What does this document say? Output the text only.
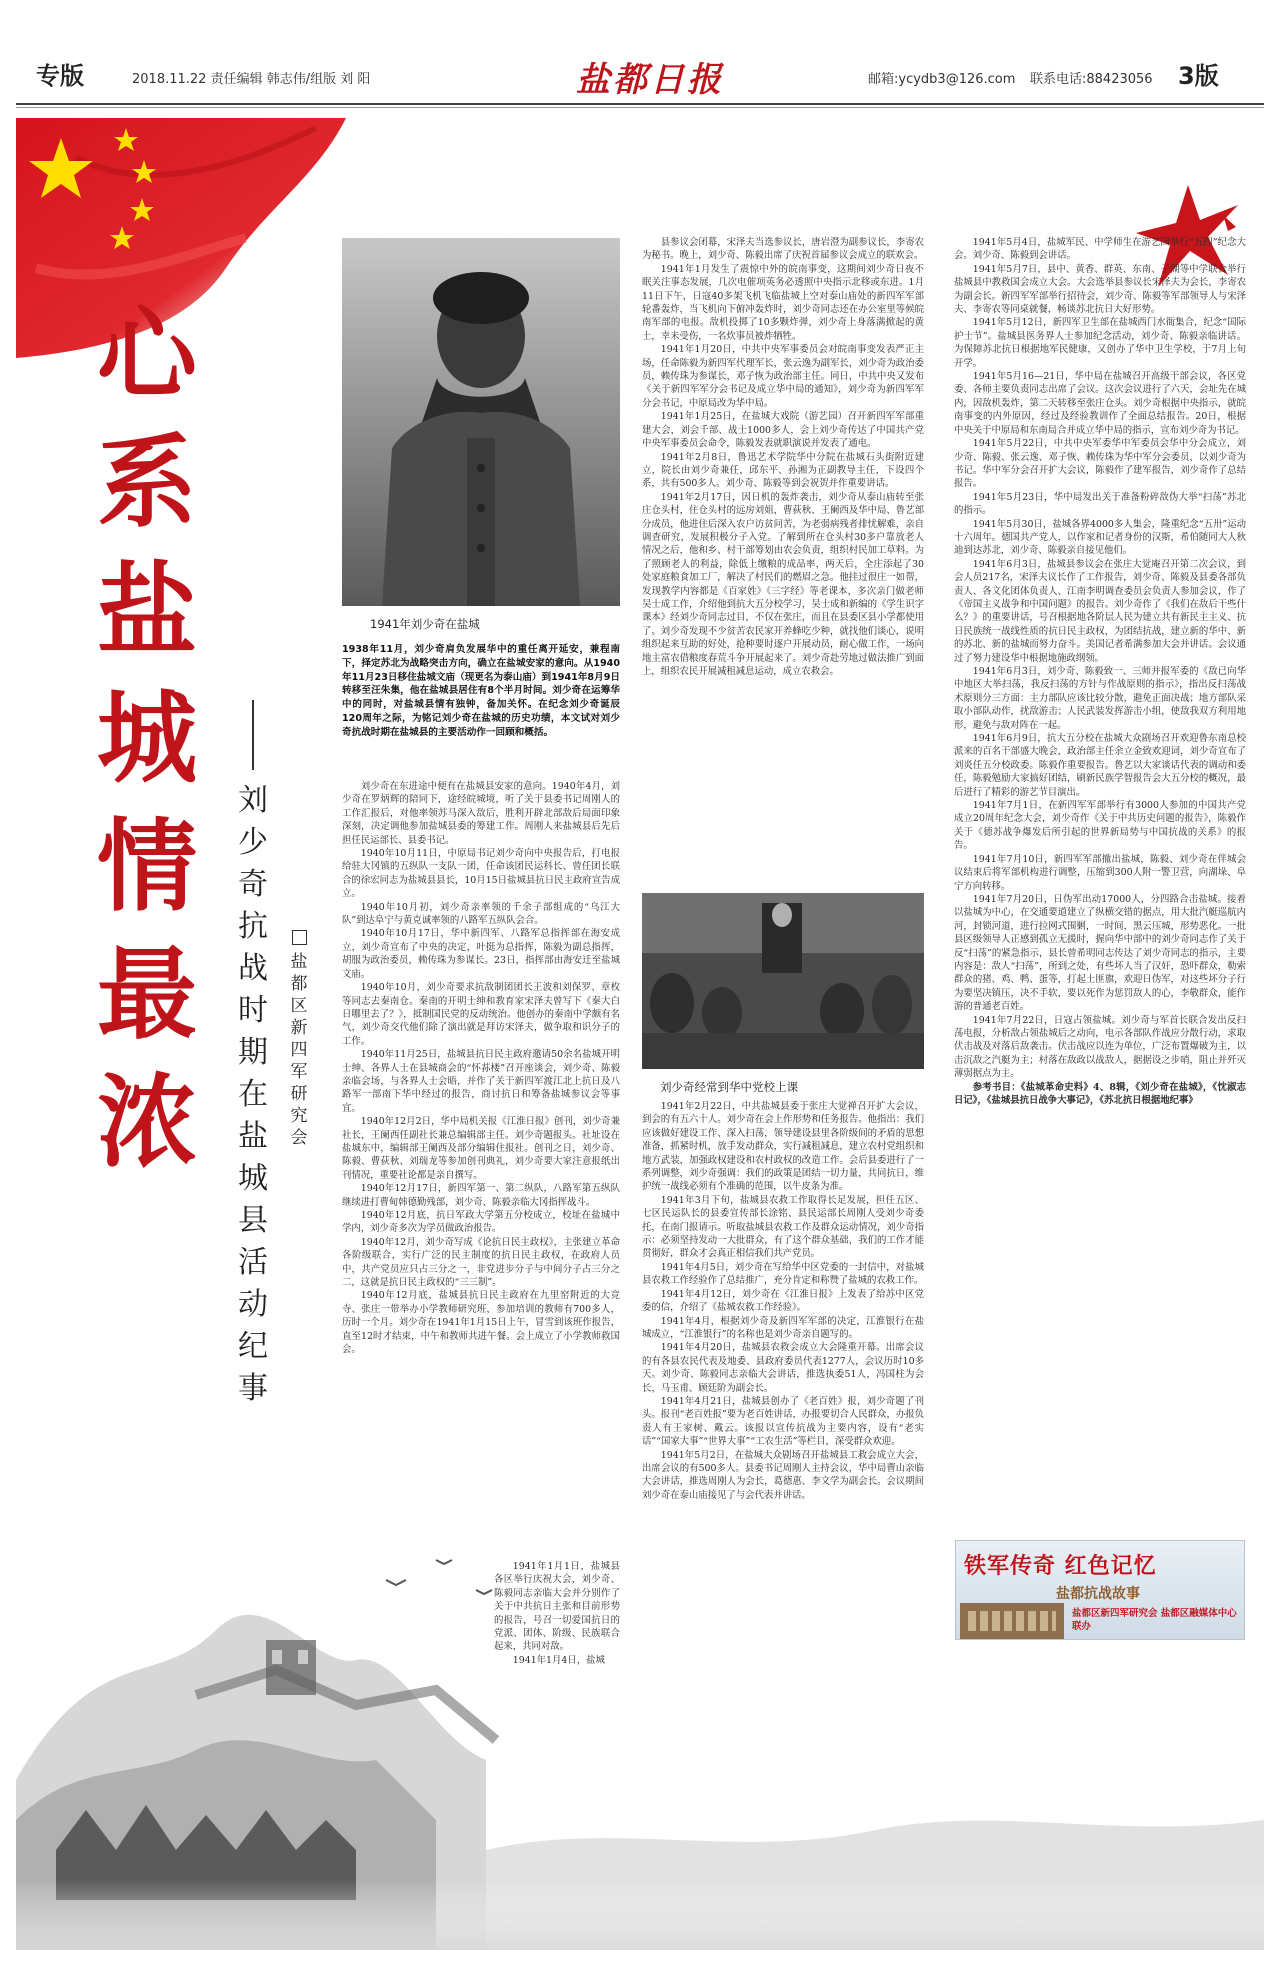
专版	2018.11.22 责任编辑 韩志伟/组版 刘 阳	盐都日报	邮箱:ycydb3@126.com 联系电话:88423056 3版
心系盐城情最浓
刘少奇抗战时期在盐城县活动纪事
盐都区新四军研究会
1941年刘少奇在盐城
刘少奇经常到华中党校上课
1938年11月，刘少奇肩负发展华中的重任离开延安，兼程南下，择定苏北为战略突击方向，确立在盐城安家的意向。从1940年11月23日移住盐城文庙（现更名为泰山庙）到1941年8月9日转移至汪朱集，他在盐城县居住有8个半月时间。刘少奇在运筹华中的同时，对盐城县情有独钟，备加关怀。在纪念刘少奇诞辰120周年之际，为铭记刘少奇在盐城的历史功绩，本文试对刘少奇抗战时期在盐城县的主要活动作一回顾和概括。

刘少奇在东进途中便有在盐城县安家的意向。1940年4月，刘少奇在罗炳辉的陪同下，途经皖城境，听了关于县委书记周刚人的工作汇报后，对他率领苏马深入敌后，胜利开辟北部敌后局面印象深刻，决定调他参加盐城县委的筹建工作。周刚人来盐城县后先后担任民运部长、县委书记。

1940年10月11日，中原局书记刘少奇向中央报告后，打电报给驻大冈镇的五纵队一支队一团，任命该团民运科长、曾任团长联合的徐宏同志为盐城县县长，10月15日盐城县抗日民主政府宣告成立。

1940年10月初，刘少奇亲率领的千余子部组成的“乌江大队”到达阜宁与黄克诚率领的八路军五纵队会合。

1940年10月17日，华中新四军、八路军总指挥部在海安成立，刘少奇宣布了中央的决定，叶挺为总指挥，陈毅为副总指挥，胡服为政治委员，赖传珠为参谋长。23日，指挥部由海安迁至盐城文庙。

1940年10月，刘少奇要求抗敌制团团长王波和刘保罗、章枚等同志去秦南仓。秦南的开明士绅和教育家宋泽夫曾写下《秦大白日哪里去了？》，抵制国民党的反动统治。他创办的秦南中学颇有名气，刘少奇交代他们除了演出就是拜访宋泽夫，做争取和识分子的工作。

1940年11月25日，盐城县抗日民主政府邀请50余名盐城开明士绅、各界人士在县城商会的“怀荪楼”召开座谈会，刘少奇、陈毅亲临会场，与各界人士会晤，并作了关于新四军渡江北上抗日及八路军一部南下华中经过的报告，商讨抗日和筹备盐城参议会等事宜。

1940年12月2日，华中局机关报《江淮日报》创刊，刘少奇兼社长，王阑西任副社长兼总编辑部主任。刘少奇题报头。社址设在盐城东中，编辑部王阑西及部分编辑住报社。创刊之日，刘少奇、陈毅、曹荻秋、刘瑞龙等参加创刊典礼，刘少奇要大家注意报纸出刊情况，重要社论都是亲自撰写。

1940年12月17日，新四军第一、第二纵队，八路军第五纵队继续进打曹甸韩德勤残部，刘少奇、陈毅亲临大冈指挥战斗。

1940年12月底，抗日军政大学第五分校成立，校址在盐城中学内，刘少奇多次为学员做政治报告。

1940年12月，刘少奇写成《论抗日民主政权》，主张建立革命各阶级联合，实行广泛的民主制度的抗日民主政权，在政府人员中，共产党员应只占三分之一，非党进步分子与中间分子占三分之二，这就是抗日民主政权的“三三制”。

1940年12月底，盐城县抗日民主政府在九里窑附近的大竞寺、张庄一带举办小学教师研究班，参加培训的教师有700多人，历时一个月。刘少奇在1941年1月15日上午，冒雪到该班作报告，直至12时才结束，中午和教师共进午餐。会上成立了小学教师救国会。

1941年1月1日，盐城县各区举行庆祝大会，刘少奇、陈毅同志亲临大会并分别作了关于中共抗日主张和目前形势的报告，号召一切爱国抗日的党派、团体、阶级、民族联合起来，共同对敌。

1941年1月4日，盐城

县参议会闭幕，宋泽夫当选参议长，唐岩澄为副参议长，李寄农为秘书。晚上，刘少奇、陈毅出席了庆祝首届参议会成立的联欢会。

1941年1月发生了震惊中外的皖南事变，这期间刘少奇日夜不眠关注事态发展，几次电催项英务必透照中央指示北移或东进。1月11日下午，日寇40多架飞机飞临盐城上空对泰山庙处的新四军军部轮番轰炸，当飞机向下俯冲轰炸时，刘少奇同志还在办公室里等候皖南军部的电报。敌机投掷了10多颗炸弹，刘少奇上身落满掀起的黄土，幸未受伤，一名炊事员被炸牺牲。

1941年1月20日，中共中央军事委员会对皖南事变发表严正主场，任命陈毅为新四军代理军长，张云逸为副军长，刘少奇为政治委员，赖传珠为参谋长，邓子恢为政治部主任。同日，中共中央又发布《关于新四军军分会书记及成立华中局的通知》，刘少奇为新四军军分会书记，中原局改为华中局。

1941年1月25日，在盐城大戏院（游艺园）召开新四军军部重建大会，刘会千部、战士1000多人，会上刘少奇传达了中国共产党中央军事委员会命令，陈毅发表就职演说并发表了通电。

1941年2月8日，鲁迅艺术学院华中分院在盐城石头街附近建立，院长由刘少奇兼任，邱东平、孙湘为正副教导主任，下设四个系，共有500多人。刘少奇、陈毅等到会祝贺并作重要讲话。

1941年2月17日，因日机的轰炸袭击，刘少奇从泰山庙转至张庄仓头村，住仓头村的远房刘姐，曹荻秋、王阑西及华中局、鲁艺部分成员，他进住后深入农户访贫问苦，为老弱病残者排忧解难，亲自调查研究，发展积极分子入党。了解到所在仓头村30多户靠放老人情况之后，他和乡、村干部筹划由农会负责，组织村民加工草料。为了照顾老人的利益，除低上缴粮的成品率，两天后，全庄添起了30处家庭粮食加工厂，解决了村民们的燃眉之急。他挂过很庄一如帮，发现教学内容都是《百家姓》《三字经》等老课本，多次亲门做老师吴士成工作，介绍他到抗大五分校学习，吴士成和新编的《学生识字课本》经刘少奇同志过目，不仅在张庄，而且在县委区县小学都使用了。刘少奇发现不少贫苦农民家开养蜂吃少种，就找他们谈心，说明组织起来互助的好处，抢种要时逐户开展动员，耐心做工作，一场向地主富农借粮度春荒斗争开展起来了。刘少奇赴劳地过做法推广到面上，组织农民开展减租减息运动，成立农救会。

1941年2月22日，中共盐城县委于张庄大觉禅召开扩大会议，到会的有五六十人。刘少奇在会上作形势和任务报告。他指出：我们应该做好建设工作、深入扫荡，领导建设县里各阶级间的矛盾的思想准备，抓紧时机，放手发动群众，实行减租减息，建立农村党组织和地方武装，加强政权建设和农村政权的改造工作。会后县委进行了一系列调整，刘少奇强调：我们的政策是团结一切力量，共同抗日，维护统一战线必须有个准确的范围，以牛皮条为准。

1941年3月下旬，盐城县农救工作取得长足发展，担任五区、七区民运队长的县委宣传部长涂铭、县民运部长周刚人受刘少奇委托，在南门报请示。听取盐城县农救工作及群众运动情况，刘少奇指示：必须坚持发动一大批群众，有了这个群众基础，我们的工作才能贯彻好，群众才会真正相信我们共产党员。

1941年4月5日，刘少奇在写给华中区党委的一封信中，对盐城县农救工作经验作了总结推广，充分肯定和称赞了盐城的农救工作。

1941年4月12日，刘少奇在《江淮日报》上发表了给苏中区党委的信，介绍了《盐城农救工作经验》。

1941年4月，根据刘少奇及新四军军部的决定，江淮银行在盐城成立，“江淮银行”的名称也是刘少奇亲自题写的。

1941年4月20日，盐城县农救会成立大会隆重开幕。出席会议的有各县农民代表及地委、县政府委员代表1277人，会议历时10多天。刘少奇、陈毅同志亲临大会讲话，推选执委51人，冯国柱为会长，马玉甫、顾廷阶为副会长。

1941年4月21日，盐城县创办了《老百姓》报，刘少奇题了刊头。报刊“老百姓报”要为老百姓讲话，办报要切合人民群众，办报负责人有王家树、戴云。该报以宣传抗战为主要内容，设有“老实话”“国家大事”“世界大事”“工农生活”等栏目，深受群众欢迎。

1941年5月2日，在盐城大众剧场召开盐城县工救会成立大会，出席会议的有500多人。县委书记周刚人主持会议，华中局曹山亲临大会讲话，推选周刚人为会长，葛德惠、李文学为副会长。会议期间刘少奇在泰山庙接见了与会代表并讲话。

1941年5月4日，盐城军民、中学师生在游艺园举行“五四”纪念大会。刘少奇、陈毅到会讲话。

1941年5月7日，县中、黄香、群英、东南、子湖等中学联合举行盐城县中教救国会成立大会。大会选举县参议长宋泽夫为会长，李寄农为副会长。新四军军部举行招待会，刘少奇、陈毅等军部领导人与宋泽夫、李寄农等同桌就餐，畅谈苏北抗日大好形势。

1941年5月12日，新四军卫生部在盐城西门水衙集合，纪念“国际护士节”。盐城县医务界人士参加纪念活动，刘少奇、陈毅亲临讲话。为保障苏北抗日根据地军民健康，又创办了华中卫生学校，于7月上旬开学。

1941年5月16—21日，华中局在盐城召开高级干部会议，各区党委、各师主要负责同志出席了会议。这次会议进行了六天，会址先在城内，因敌机轰炸，第二天转移至张庄仓头。刘少奇根据中央指示，就皖南事变的内外原因，经过及经验教训作了全面总结报告。20日，根据中央关于中原局和东南局合并成立华中局的指示，宣布刘少奇为书记。

1941年5月22日，中共中央军委华中军委员会华中分会成立，刘少奇、陈毅、张云逸、邓子恢、赖传珠为华中军分会委员，以刘少奇为书记。华中军分会召开扩大会议，陈毅作了建军报告，刘少奇作了总结报告。

1941年5月23日，华中局发出关于准备粉碎敌伪大举“扫荡”苏北的指示。

1941年5月30日，盐城各界4000多人集会，隆重纪念“五卅”运动十六周年。德国共产党人，以作家和记者身份的汉斯，希伯随同大人秋迪到达苏北，刘少奇、陈毅亲自接见他们。

1941年6月3日，盐城县参议会在张庄大觉庵召开第二次会议，到会人员217名，宋泽夫议长作了工作报告，刘少奇、陈毅及县委各部负责人、各文化团体负责人、江南李明调查委员会负责人参加会议，作了《帝国主义战争和中国问题》的报告。刘少奇作了《我们在敌后干些什么？》的重要讲话，号召根据地各阶层人民为建立共有新民主主义、抗日民族统一战线性质的抗日民主政权，为团结抗战，建立新的华中、新的苏北、新的盐城而努力奋斗。美国记者希满参加大会并讲话。会议通过了努力建设华中根据地施政纲领。

1941年6月3日，刘少奇、陈毅致一、三师并报军委的《敌已向华中地区大举扫荡，我反扫荡的方针与作战原则的指示》，指出反扫荡战术原则分三方面：主力部队应该比较分散，避免正面决战；地方部队采取小部队动作，扰敌游击；人民武装发挥游击小组，使敌我双方利用地形，避免与敌对阵在一起。

1941年6月9日，抗大五分校在盐城大众剧场召开欢迎鲁东南总校派来的百名干部盛大晚会，政治部主任余立金致欢迎词，刘少奇宣布了刘炎任五分校政委。陈毅作重要报告。鲁艺以大家谈话代表的调动和委任，陈毅勉励大家搞好团结，刷新民族学智报告会大五分校的概况，最后进行了精彩的游艺节目演出。

1941年7月1日，在新四军军部举行有3000人参加的中国共产党成立20周年纪念大会，刘少奇作《关于中共历史问题的报告》，陈毅作关于《德苏战争爆发后所引起的世界新局势与中国抗战的关系》的报告。

1941年7月10日，新四军军部撤出盐城，陈毅、刘少奇在伴城会议结束后将军部机构进行调整，压缩到300人附一警卫营，向湖垛、阜宁方向转移。

1941年7月20日，日伪军出动17000人，分四路合击盐城。接着以盐城为中心，在交通要道建立了纵横交错的据点，用大批汽艇巡航内河，封锁河道，进行拉网式围剿，一时间，黑云压城，形势恶化。一批县区级领导人正感到孤立无援时，握向华中部中的刘少奇同志作了关于反“扫荡”的紧急指示，县长曾希明同志传达了刘少奇同志的指示，主要内容是：敌人“扫荡”，所到之处，有些坏人当了汉奸，恐吓群众，勒索群众的猪、鸡、鸭、蛋等，打起土匪旗，欢迎日伪军，对这些坏分子行为要坚决镇压，决不手软，要以死作为惩罚敌人的心，李敬群众，能作游的普通老百姓。

1941年7月22日，日寇占领盐城。刘少奇与军首长联合发出反扫荡电报，分析敌占领盐城后之动向，电示各部队作战应分散行动，求取伏击战及对落后敌袭击。伏击战应以连为单位，广泛布置爆破为主，以击沉敌之汽艇为主；村落在敌政以战敌人，据据设之步哨，阻止并歼灭薄弱据点为主。

参考书目：《盐城革命史料》4、8辑，《刘少奇在盐城》，《忱淑志日记》，《盐城县抗日战争大事记》，《苏北抗日根据地纪事》

铁军传奇 红色记忆
盐都抗战故事
盐都区新四军研究会 盐都区融媒体中心 联办
